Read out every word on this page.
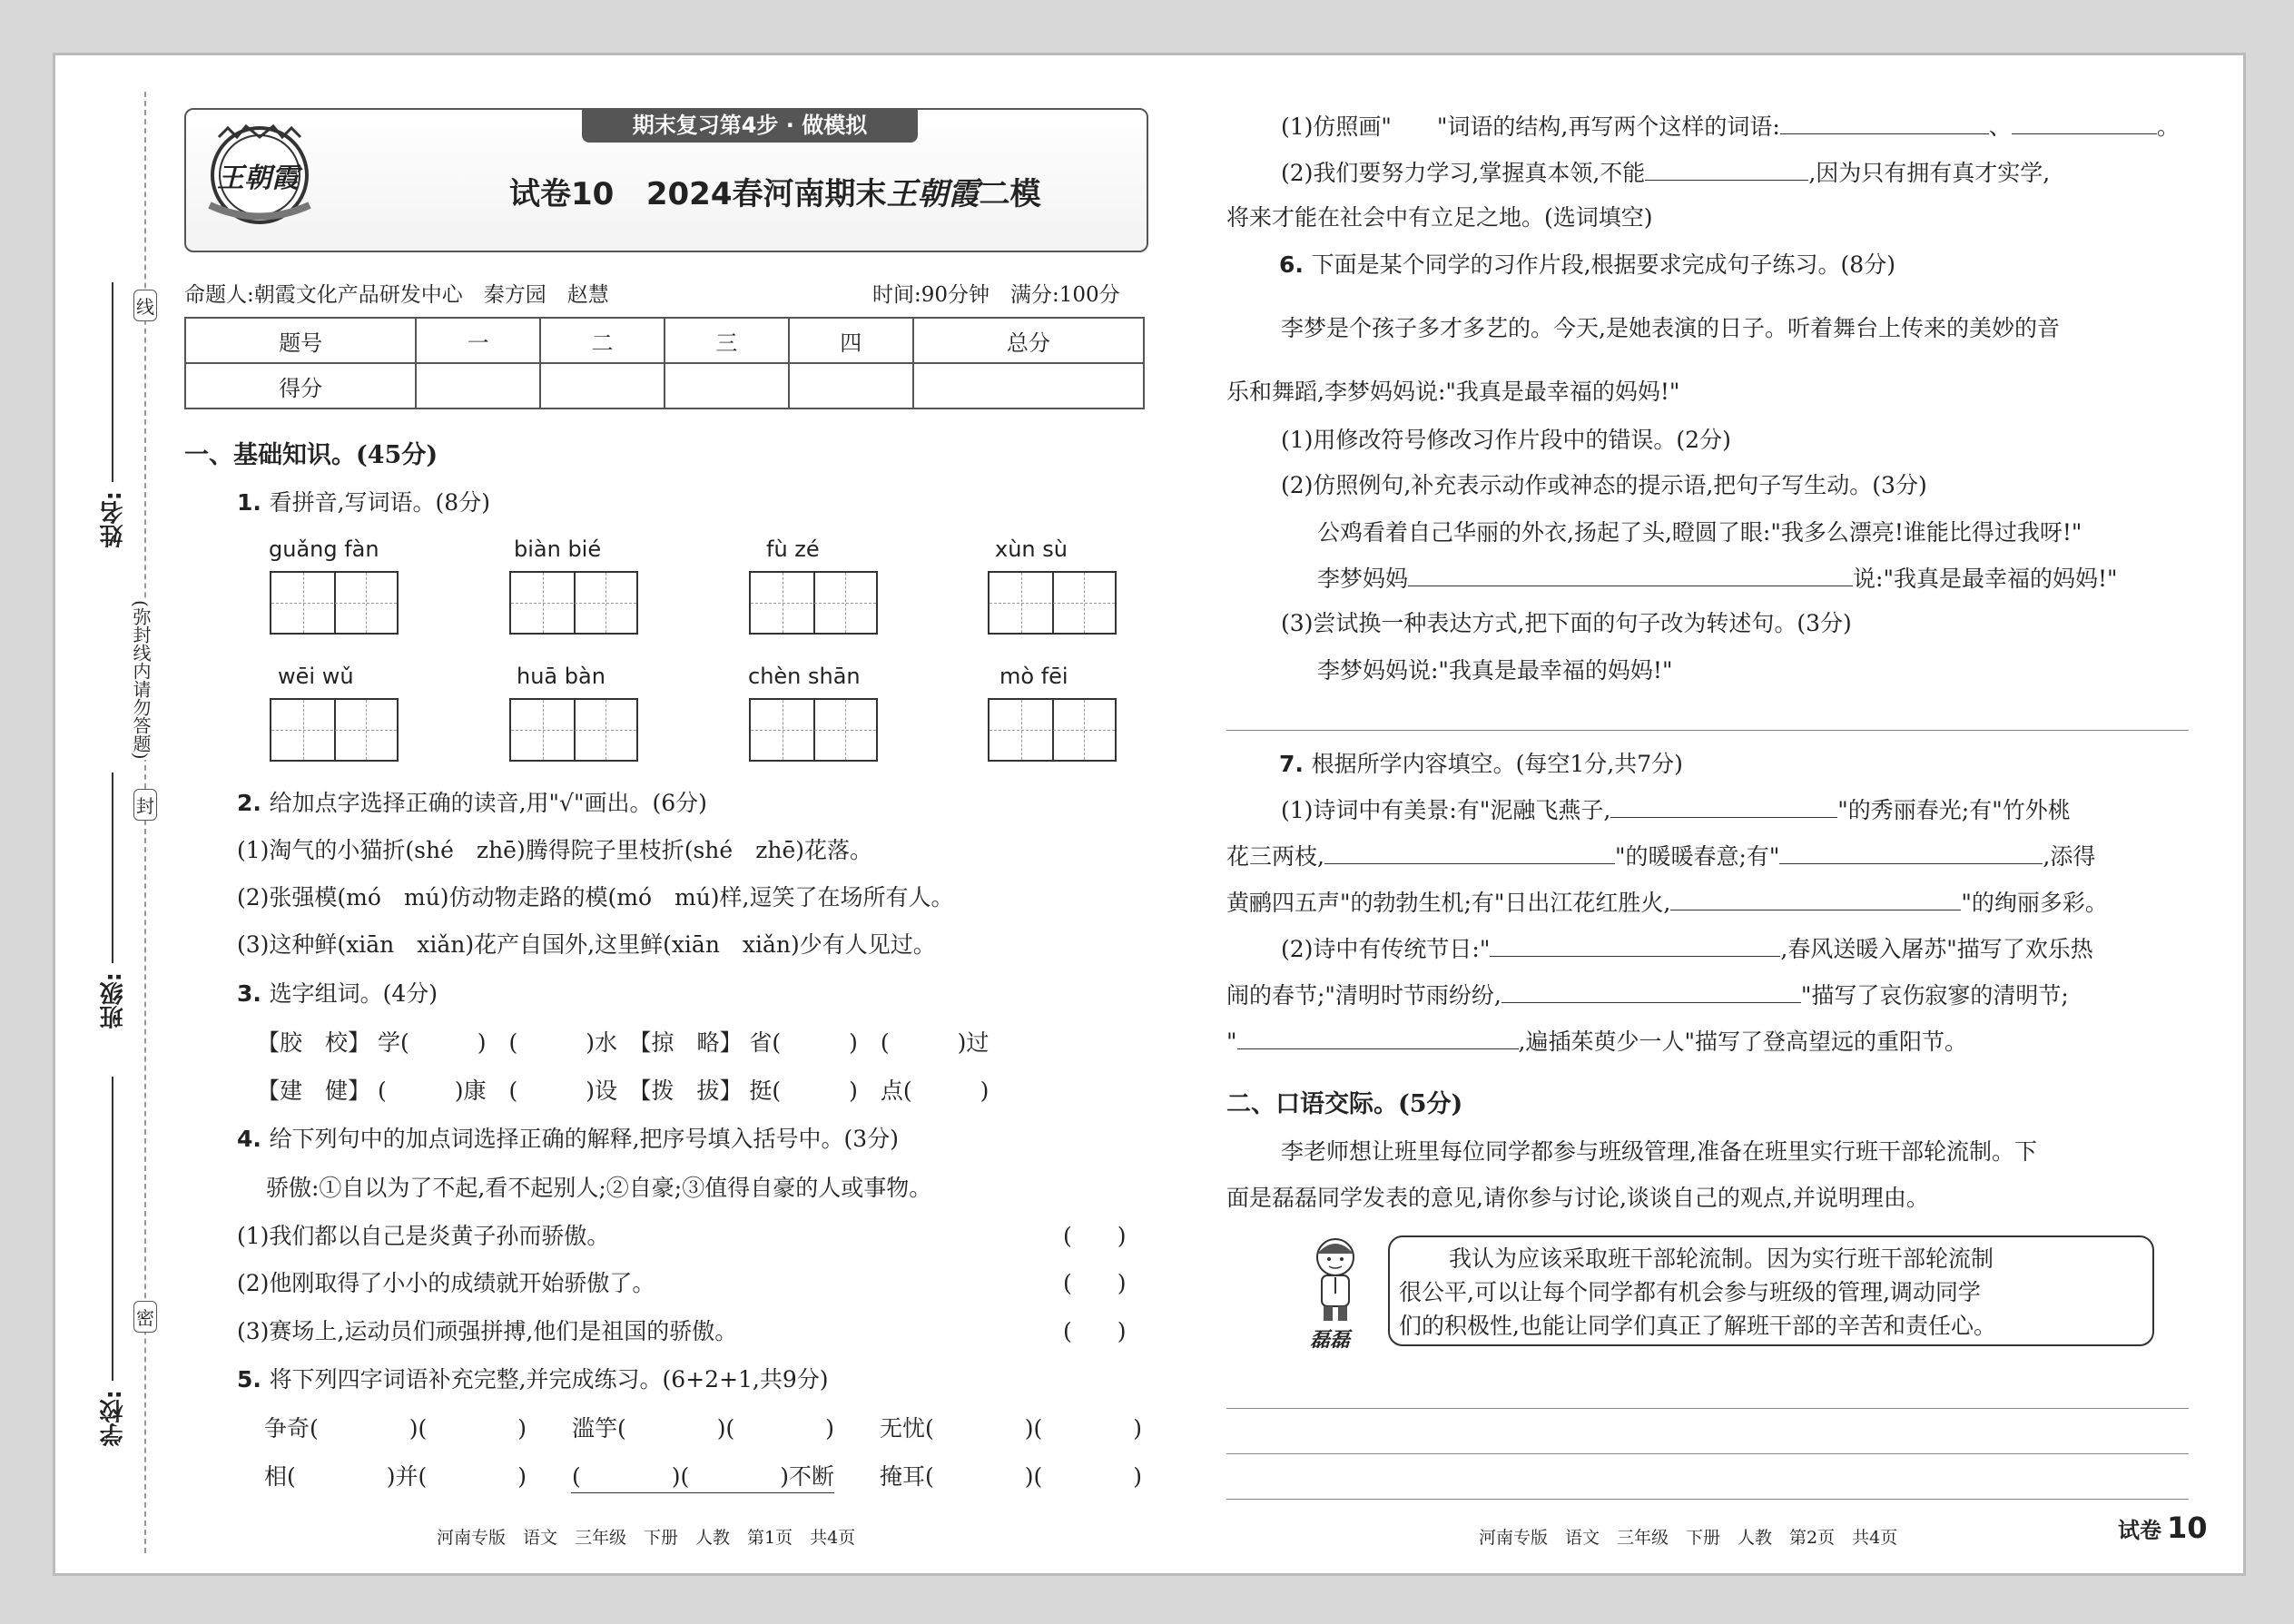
姓名:
班级:
学校:
线
封
密
(弥封线内请勿答题)
王朝霞
期末复习第4步 · 做模拟
试卷10 2024春河南期末王朝霞二模
命题人:朝霞文化产品研发中心　秦方园　赵慧	时间:90分钟　满分:100分
题号	一	二	三	四	总分
得分					
一、基础知识。(45分)
1. 看拼音,写词语。(8分)
guǎng fàn	biàn bié	fù zé	xùn sù
wēi wǔ	huā bàn	chèn shān	mò fēi
2. 给加点字选择正确的读音,用"√"画出。(6分)
(1)淘气的小猫折(shé　zhē)腾得院子里枝折(shé　zhē)花落。
(2)张强模(mó　mú)仿动物走路的模(mó　mú)样,逗笑了在场所有人。
(3)这种鲜(xiān　xiǎn)花产自国外,这里鲜(xiān　xiǎn)少有人见过。
3. 选字组词。(4分)
【胶　校】 学(　　　)　(　　　)水　【掠　略】 省(　　　)　(　　　)过
【建　健】 (　　　)康　(　　　)设　【拨　拔】 挺(　　　)　点(　　　)
4. 给下列句中的加点词选择正确的解释,把序号填入括号中。(3分)
骄傲:①自以为了不起,看不起别人;②自豪;③值得自豪的人或事物。
(1)我们都以自己是炎黄子孙而骄傲。
(2)他刚取得了小小的成绩就开始骄傲了。
(3)赛场上,运动员们顽强拼搏,他们是祖国的骄傲。
(　　)
(　　)
(　　)
5. 将下列四字词语补充完整,并完成练习。(6+2+1,共9分)
争奇(　　　　)(　　　　)　　滥竽(　　　　)(　　　　)　　无忧(　　　　)(　　　　)
相(　　　　)并(　　　　)　　(　　　　)(　　　　)不断　　掩耳(　　　　)(　　　　)
河南专版　语文　三年级　下册　人教　第1页　共4页
(1)仿照画"　　"词语的结构,再写两个这样的词语:	、	。
(2)我们要努力学习,掌握真本领,不能	,因为只有拥有真才实学,
将来才能在社会中有立足之地。(选词填空)
6. 下面是某个同学的习作片段,根据要求完成句子练习。(8分)
李梦是个孩子多才多艺的。今天,是她表演的日子。听着舞台上传来的美妙的音
乐和舞蹈,李梦妈妈说:"我真是最幸福的妈妈!"
(1)用修改符号修改习作片段中的错误。(2分)
(2)仿照例句,补充表示动作或神态的提示语,把句子写生动。(3分)
公鸡看着自己华丽的外衣,扬起了头,瞪圆了眼:"我多么漂亮!谁能比得过我呀!"
李梦妈妈	说:"我真是最幸福的妈妈!"
(3)尝试换一种表达方式,把下面的句子改为转述句。(3分)
李梦妈妈说:"我真是最幸福的妈妈!"
7. 根据所学内容填空。(每空1分,共7分)
(1)诗词中有美景:有"泥融飞燕子,	"的秀丽春光;有"竹外桃
花三两枝,	"的暖暖春意;有"	,添得
黄鹂四五声"的勃勃生机;有"日出江花红胜火,	"的绚丽多彩。
(2)诗中有传统节日:"	,春风送暖入屠苏"描写了欢乐热
闹的春节;"清明时节雨纷纷,	"描写了哀伤寂寥的清明节;
"	,遍插茱萸少一人"描写了登高望远的重阳节。
二、口语交际。(5分)
李老师想让班里每位同学都参与班级管理,准备在班里实行班干部轮流制。下
面是磊磊同学发表的意见,请你参与讨论,谈谈自己的观点,并说明理由。
磊磊
我认为应该采取班干部轮流制。因为实行班干部轮流制
很公平,可以让每个同学都有机会参与班级的管理,调动同学
们的积极性,也能让同学们真正了解班干部的辛苦和责任心。
河南专版　语文　三年级　下册　人教　第2页　共4页	试卷 10
